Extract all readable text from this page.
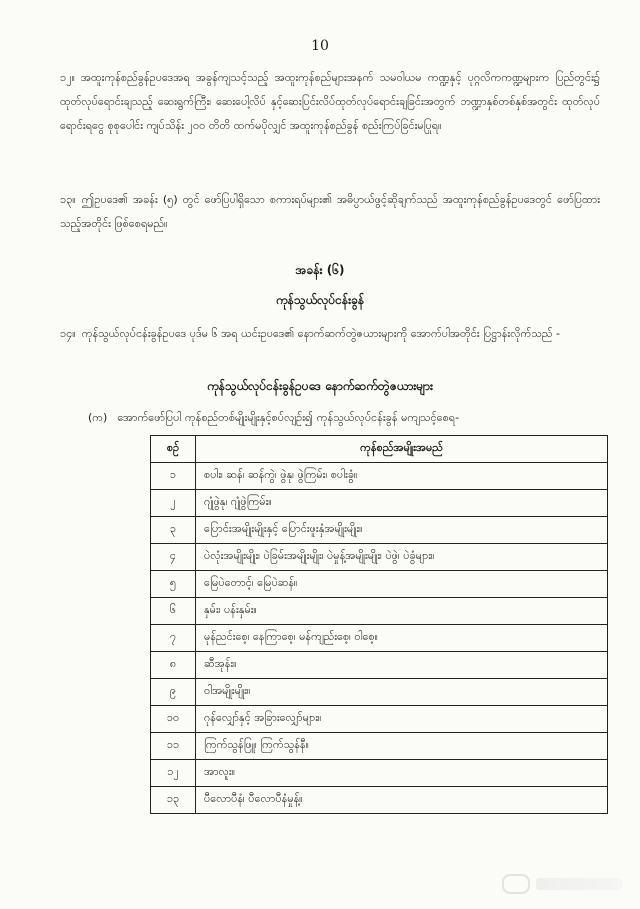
10
၁၂။ အထူးကုန်စည်ခွန်ဥပဒေအရ အခွန်ကျသင့်သည့် အထူးကုန်စည်များအနက် သမဝါယမ ကဏ္ဍနှင့် ပုဂ္ဂလိကကဏ္ဍများက ပြည်တွင်း၌ ထုတ်လုပ်ရောင်းချသည့် ဆေးရွက်ကြီး၊ ဆေးပေါ့လိပ် နှင့်ဆေးပြင်းလိပ်ထုတ်လုပ်ရောင်းချခြင်းအတွက် ဘဏ္ဍာနှစ်တစ်နှစ်အတွင်း ထုတ်လုပ်ရောင်းရငွေ စုစုပေါင်း ကျပ်သိန်း ၂၀၀ တိတိ ထက်မပိုလျှင် အထူးကုန်စည်ခွန် စည်းကြပ်ခြင်းမပြုရ။
၁၃။ ဤဥပဒေ၏ အခန်း (၅) တွင် ဖော်ပြပါရှိသော စကားရပ်များ၏ အဓိပ္ပာယ်ဖွင့်ဆိုချက်သည် အထူးကုန်စည်ခွန်ဥပဒေတွင် ဖော်ပြထားသည့်အတိုင်း ဖြစ်စေရမည်။
အခန်း (၆)
ကုန်သွယ်လုပ်ငန်းခွန်
၁၄။ ကုန်သွယ်လုပ်ငန်းခွန်ဥပဒေ ပုဒ်မ ၆ အရ ယင်းဥပဒေ၏ နောက်ဆက်တွဲဇယားများကို အောက်ပါအတိုင်း ပြဋ္ဌာန်းလိုက်သည် -
ကုန်သွယ်လုပ်ငန်းခွန်ဥပဒေ နောက်ဆက်တွဲဇယားများ
(က) အောက်ဖော်ပြပါ ကုန်စည်တစ်မျိုးမျိုးနှင့်စပ်လျဉ်း၍ ကုန်သွယ်လုပ်ငန်းခွန် မကျသင့်စေရ-
စဉ်	ကုန်စည်အမျိုးအမည်
၁	စပါး၊ ဆန်၊ ဆန်ကွဲ၊ ဖွဲနု၊ ဖွဲကြမ်း၊ စပါးခွံ။
၂	ဂျုံဖွဲနု၊ ဂျုံဖွဲကြမ်း။
၃	ပြောင်းအမျိုးမျိုးနှင့် ပြောင်းဖူးနှံအမျိုးမျိုး။
၄	ပဲလုံးအမျိုးမျိုး၊ ပဲခြမ်းအမျိုးမျိုး၊ ပဲမှုန့်အမျိုးမျိုး၊ ပဲဖွဲ၊ ပဲခွံများ။
၅	မြေပဲတောင့်၊ မြေပဲဆန်။
၆	နှမ်း၊ ပန်းနှမ်း။
၇	မုန်ညင်းစေ့၊ နေကြာစေ့၊ မန်ကျည်းစေ့၊ ဝါစေ့။
၈	ဆီအုန်း။
၉	ဝါအမျိုးမျိုး။
၁၀	ဂုန်လျှော်နှင့် အခြားလျှော်များ။
၁၁	ကြက်သွန်ဖြူ၊ ကြက်သွန်နီ။
၁၂	အာလူး။
၁၃	ပီလောပီနံ၊ ပီလောပီနံမှုန့်။
